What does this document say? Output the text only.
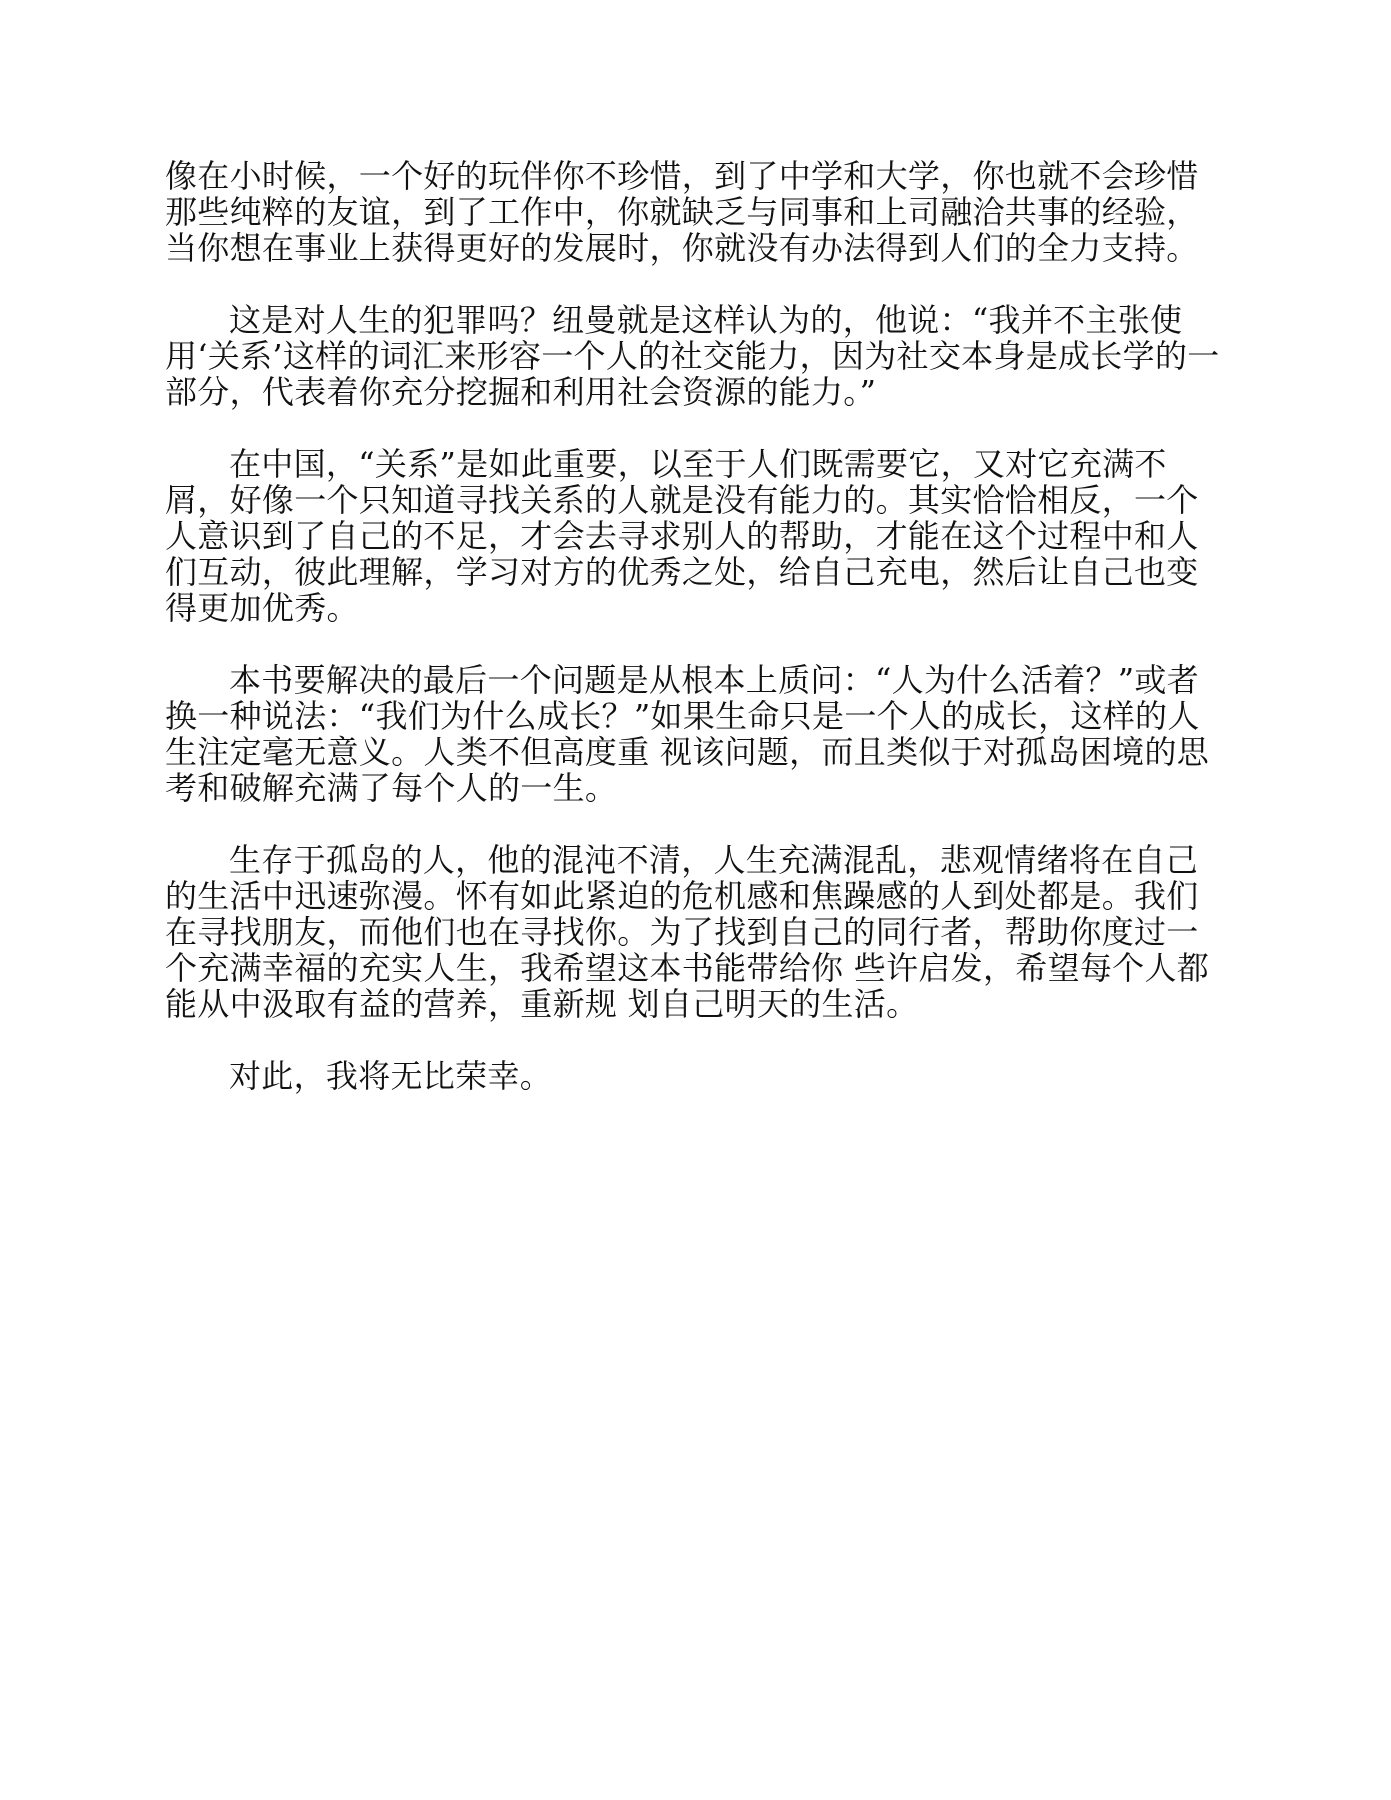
像在小时候，一个好的玩伴你不珍惜，到了中学和大学，你也就不会珍惜那些纯粹的友谊，到了工作中，你就缺乏与同事和上司融洽共事的经验，当你想在事业上获得更好的发展时，你就没有办法得到人们的全力支持。

这是对人生的犯罪吗？纽曼就是这样认为的，他说：“我并不主张使用‘关系’这样的词汇来形容一个人的社交能力，因为社交本身是成长学的一部分，代表着你充分挖掘和利用社会资源的能力。”

在中国，“关系”是如此重要，以至于人们既需要它，又对它充满不屑，好像一个只知道寻找关系的人就是没有能力的。其实恰恰相反，一个人意识到了自己的不足，才会去寻求别人的帮助，才能在这个过程中和人们互动，彼此理解，学习对方的优秀之处，给自己充电，然后让自己也变得更加优秀。

本书要解决的最后一个问题是从根本上质问：“人为什么活着？”或者换一种说法：“我们为什么成长？”如果生命只是一个人的成长，这样的人生注定毫无意义。人类不但高度重 视该问题，而且类似于对孤岛困境的思考和破解充满了每个人的一生。

生存于孤岛的人，他的混沌不清，人生充满混乱，悲观情绪将在自己的生活中迅速弥漫。怀有如此紧迫的危机感和焦躁感的人到处都是。我们在寻找朋友，而他们也在寻找你。为了找到自己的同行者，帮助你度过一个充满幸福的充实人生，我希望这本书能带给你 些许启发，希望每个人都能从中汲取有益的营养，重新规 划自己明天的生活。

对此，我将无比荣幸。
